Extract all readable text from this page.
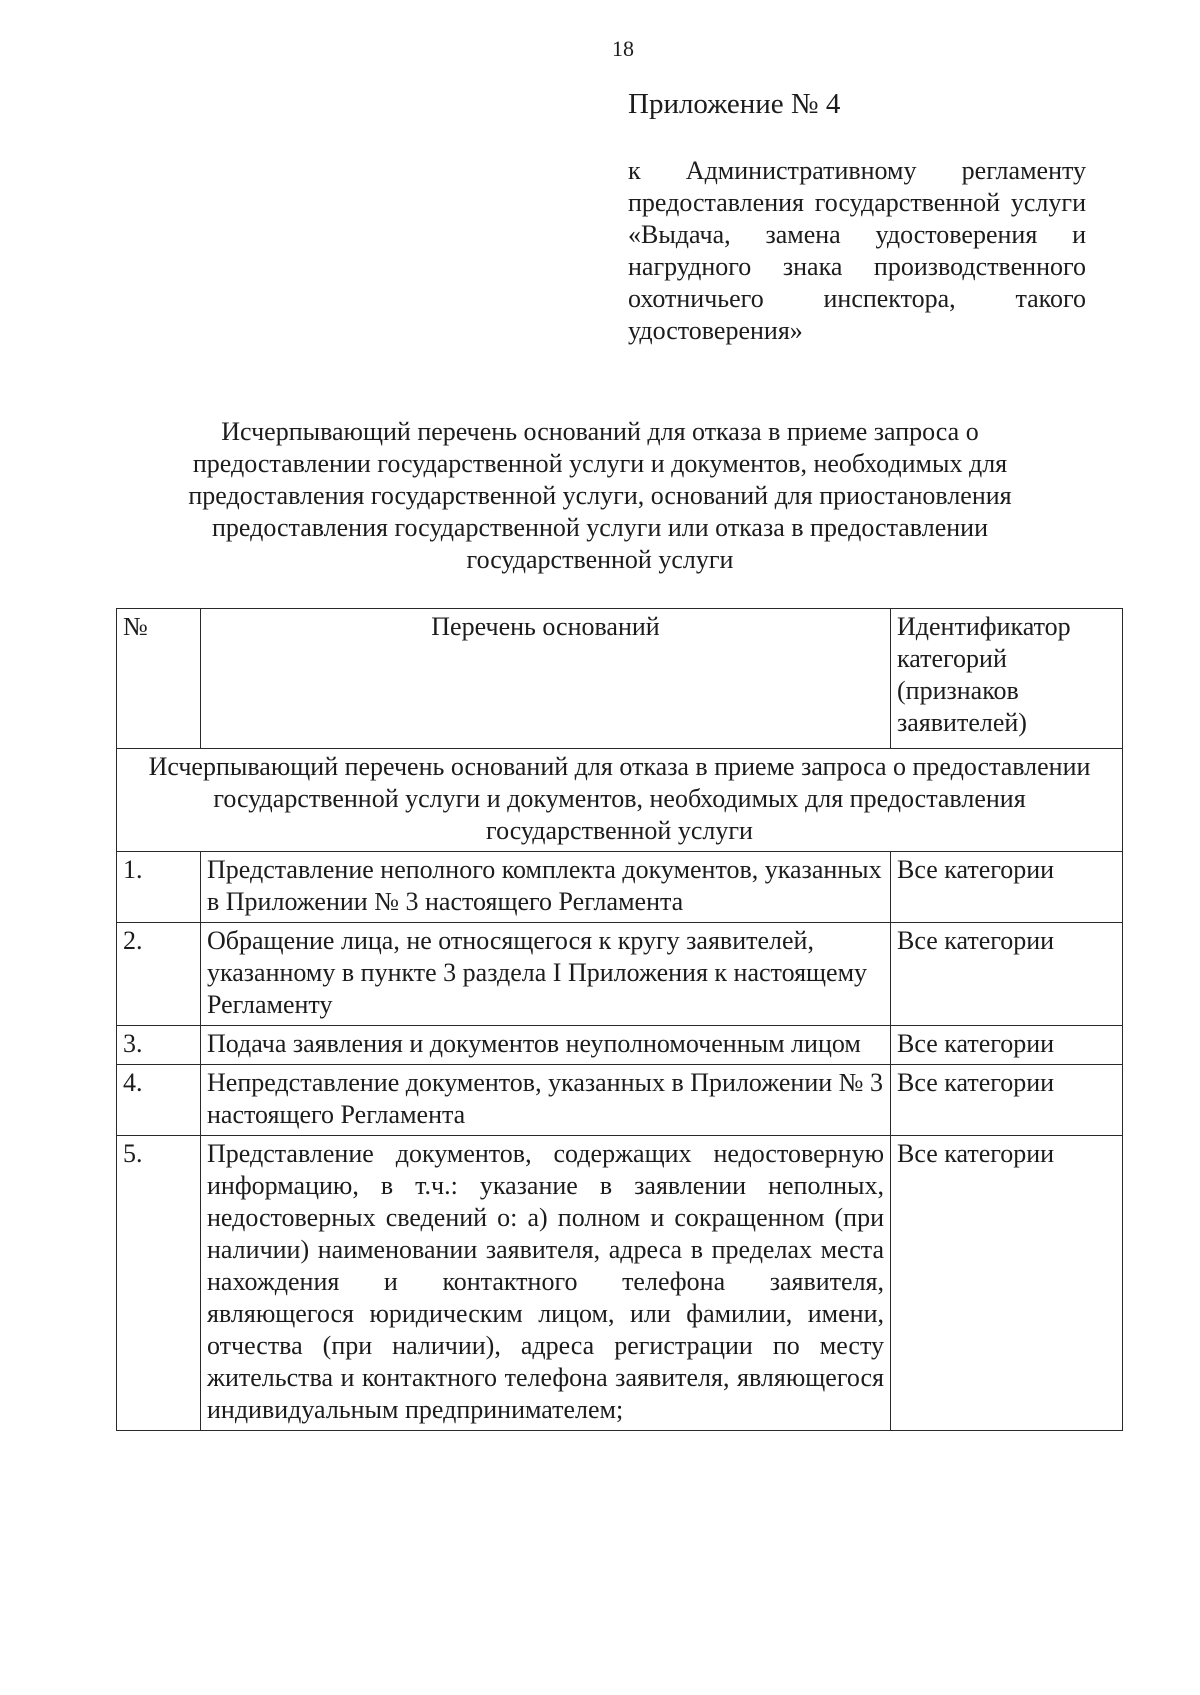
18
Приложение № 4
к Административному регламенту предоставления государственной услуги «Выдача, замена удостоверения и нагрудного знака производственного охотничьего инспектора, такого удостоверения»
Исчерпывающий перечень оснований для отказа в приеме запроса о предоставлении государственной услуги и документов, необходимых для предоставления государственной услуги, оснований для приостановления предоставления государственной услуги или отказа в предоставлении государственной услуги
№	Перечень оснований	Идентификатор категорий (признаков заявителей)
Исчерпывающий перечень оснований для отказа в приеме запроса о предоставлении государственной услуги и документов, необходимых для предоставления государственной услуги		
1.	Представление неполного комплекта документов, указанных в Приложении № 3 настоящего Регламента	Все категории
2.	Обращение лица, не относящегося к кругу заявителей, указанному в пункте 3 раздела I Приложения к настоящему Регламенту	Все категории
3.	Подача заявления и документов неуполномоченным лицом	Все категории
4.	Непредставление документов, указанных в Приложении № 3 настоящего Регламента	Все категории
5.	Представление документов, содержащих недостоверную информацию, в т.ч.: указание в заявлении неполных, недостоверных сведений о: а) полном и сокращенном (при наличии) наименовании заявителя, адреса в пределах места нахождения и контактного телефона заявителя, являющегося юридическим лицом, или фамилии, имени, отчества (при наличии), адреса регистрации по месту жительства и контактного телефона заявителя, являющегося индивидуальным предпринимателем;	Все категории
